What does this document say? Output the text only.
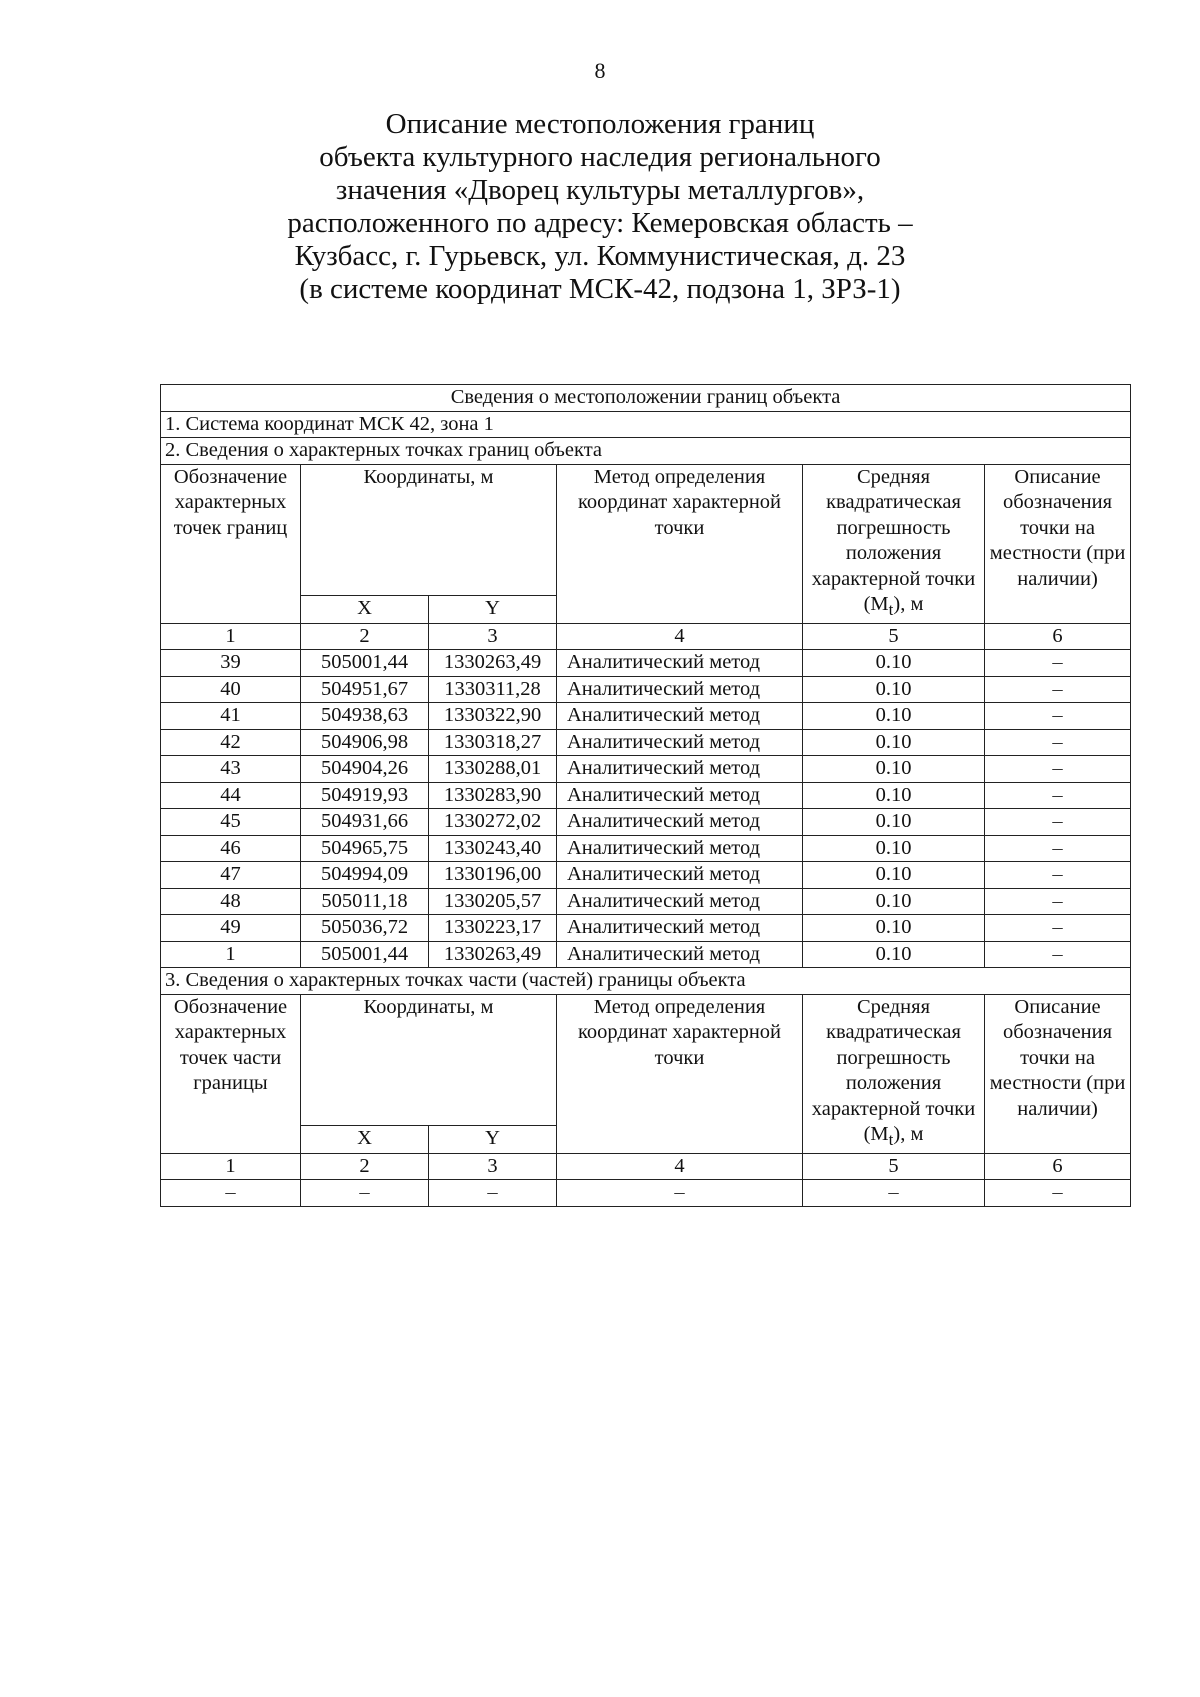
8
Описание местоположения границ
объекта культурного наследия регионального
значения «Дворец культуры металлургов»,
расположенного по адресу: Кемеровская область –
Кузбасс, г. Гурьевск, ул. Коммунистическая, д. 23
(в системе координат МСК-42, подзона 1, ЗРЗ-1)
Сведения о местоположении границ объекта					
1. Система координат МСК 42, зона 1					
2. Сведения о характерных точках границ объекта					
Обозначение характерных точек границ	Координаты, м		Метод определения координат характерной точки	Средняя квадратическая погрешность положения характерной точки $(M_t)$, м	Описание обозначения точки на местности (при наличии)
	X	Y			
1	2	3	4	5	6
39	505001,44	1330263,49	Аналитический метод	0.10	–
40	504951,67	1330311,28	Аналитический метод	0.10	–
41	504938,63	1330322,90	Аналитический метод	0.10	–
42	504906,98	1330318,27	Аналитический метод	0.10	–
43	504904,26	1330288,01	Аналитический метод	0.10	–
44	504919,93	1330283,90	Аналитический метод	0.10	–
45	504931,66	1330272,02	Аналитический метод	0.10	–
46	504965,75	1330243,40	Аналитический метод	0.10	–
47	504994,09	1330196,00	Аналитический метод	0.10	–
48	505011,18	1330205,57	Аналитический метод	0.10	–
49	505036,72	1330223,17	Аналитический метод	0.10	–
1	505001,44	1330263,49	Аналитический метод	0.10	–
3. Сведения о характерных точках части (частей) границы объекта					
Обозначение характерных точек части границы	Координаты, м		Метод определения координат характерной точки	Средняя квадратическая погрешность положения характерной точки $(M_t)$, м	Описание обозначения точки на местности (при наличии)
	X	Y			
1	2	3	4	5	6
–	–	–	–	–	–
